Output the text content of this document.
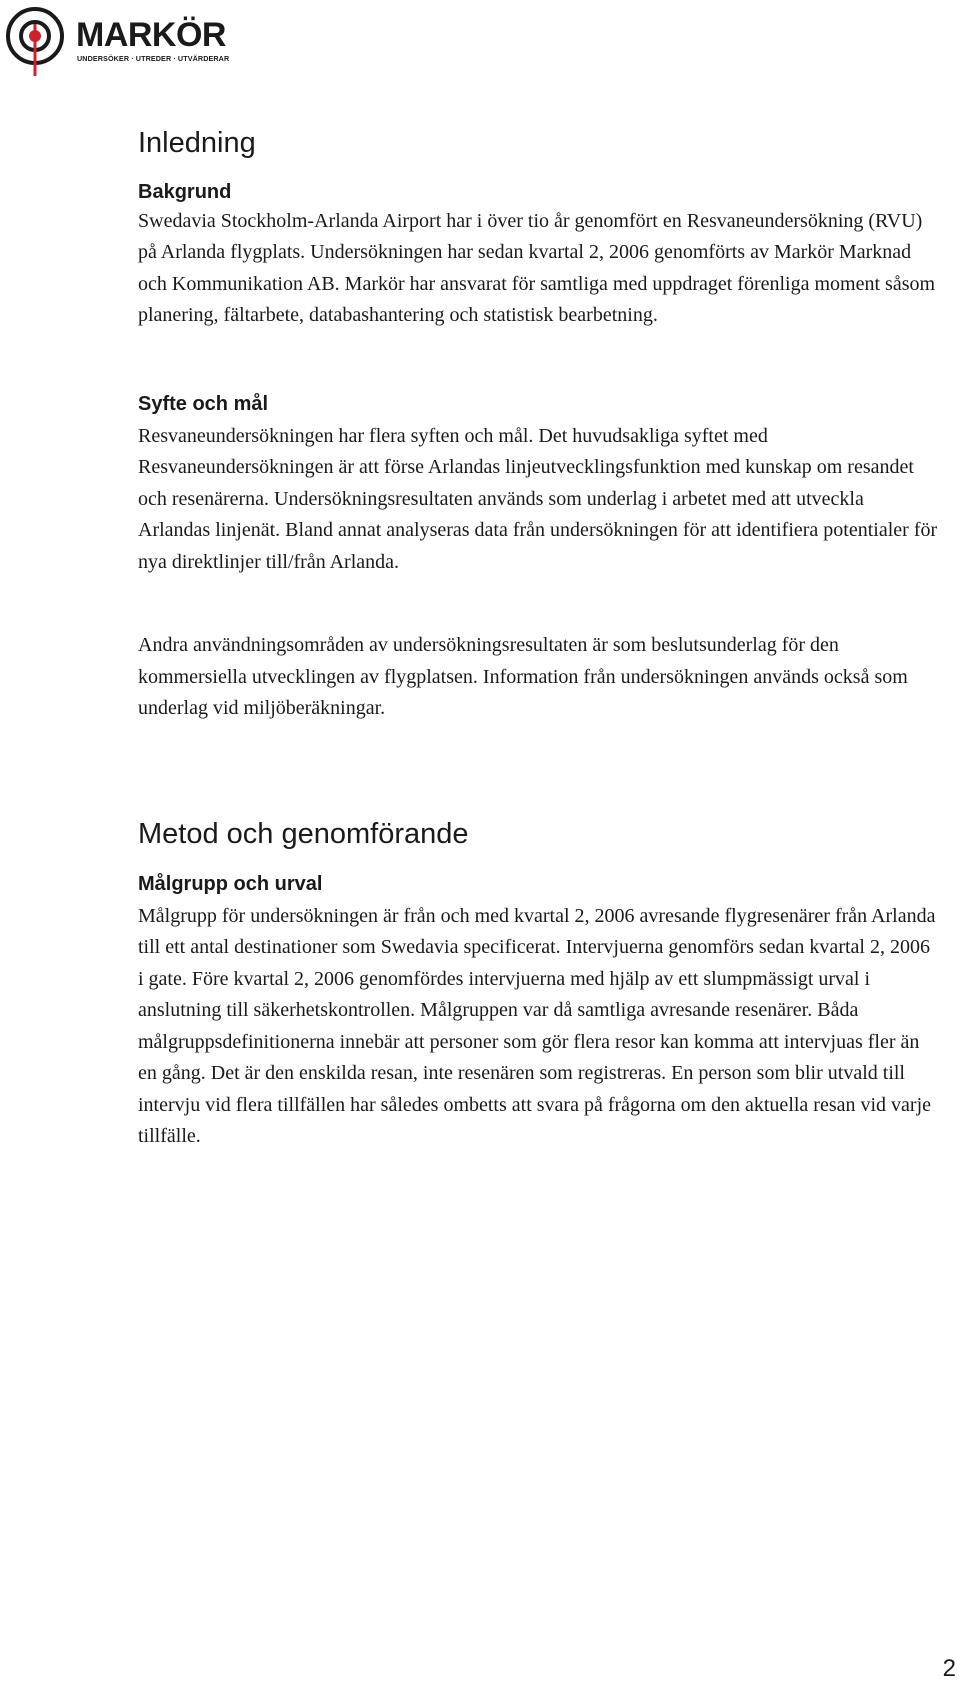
MARKÖR
UNDERSÖKER · UTREDER · UTVÄRDERAR
Inledning
Bakgrund

Swedavia Stockholm-Arlanda Airport har i över tio år genomfört en Resvaneundersökning (RVU) på Arlanda flygplats. Undersökningen har sedan kvartal 2, 2006 genomförts av Markör Marknad och Kommunikation AB. Markör har ansvarat för samtliga med uppdraget förenliga moment såsom planering, fältarbete, databashantering och statistisk bearbetning.

Syfte och mål

Resvaneundersökningen har flera syften och mål. Det huvudsakliga syftet med Resvaneundersökningen är att förse Arlandas linjeutvecklingsfunktion med kunskap om resandet och resenärerna. Undersökningsresultaten används som underlag i arbetet med att utveckla Arlandas linjenät. Bland annat analyseras data från undersökningen för att identifiera potentialer för nya direktlinjer till/från Arlanda.

Andra användningsområden av undersökningsresultaten är som beslutsunderlag för den kommersiella utvecklingen av flygplatsen. Information från undersökningen används också som underlag vid miljöberäkningar.

Metod och genomförande
Målgrupp och urval

Målgrupp för undersökningen är från och med kvartal 2, 2006 avresande flygresenärer från Arlanda till ett antal destinationer som Swedavia specificerat. Intervjuerna genomförs sedan kvartal 2, 2006 i gate. Före kvartal 2, 2006 genomfördes intervjuerna med hjälp av ett slumpmässigt urval i anslutning till säkerhetskontrollen. Målgruppen var då samtliga avresande resenärer. Båda målgruppsdefinitionerna innebär att personer som gör flera resor kan komma att intervjuas fler än en gång. Det är den enskilda resan, inte resenären som registreras. En person som blir utvald till intervju vid flera tillfällen har således ombetts att svara på frågorna om den aktuella resan vid varje tillfälle.

2
